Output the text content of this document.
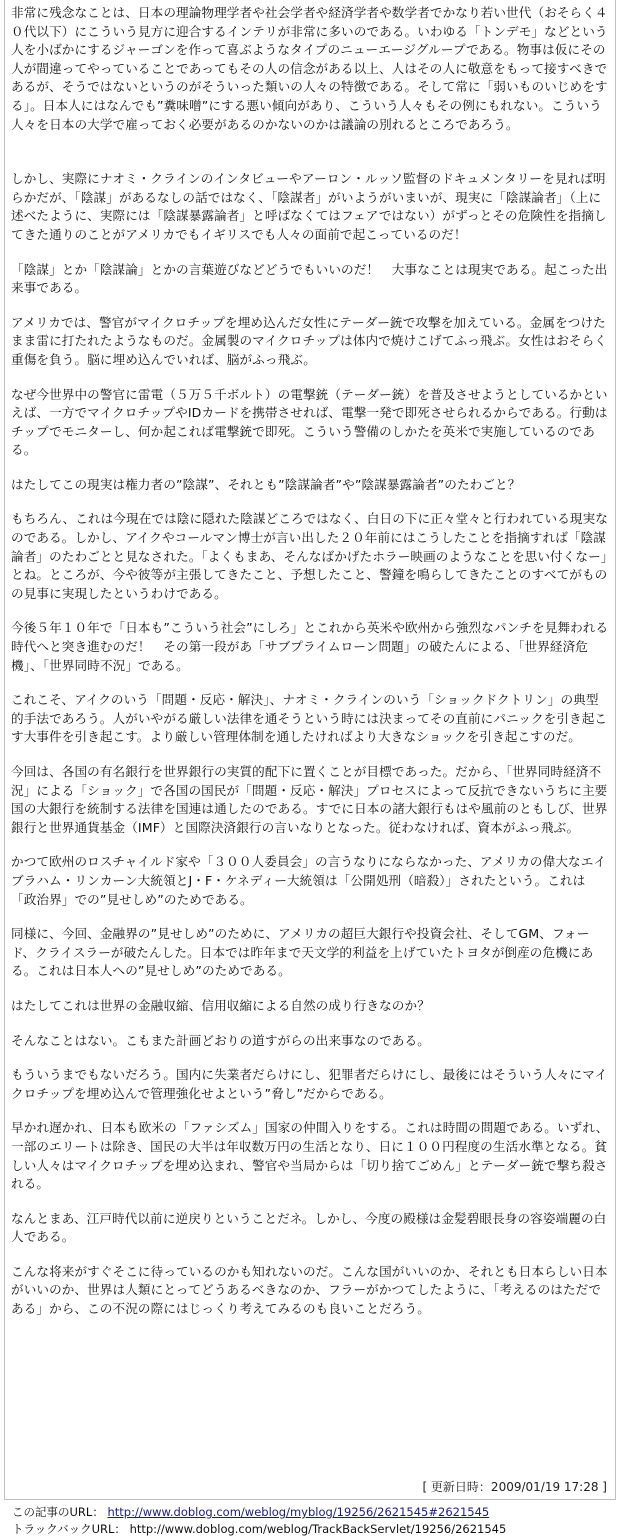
非常に残念なことは、日本の理論物理学者や社会学者や経済学者や数学者でかなり若い世代（おそらく４０代以下）にこういう見方に迎合するインテリが非常に多いのである。いわゆる「トンデモ」などという人を小ばかにするジャーゴンを作って喜ぶようなタイプのニューエージグループである。物事は仮にその人が間違ってやっていることであってもその人の信念がある以上、人はその人に敬意をもって接すべきであるが、そうではないというのがそういった類いの人々の特徴である。そして常に「弱いものいじめをする」。日本人にはなんでも”糞味噌”にする悪い傾向があり、こういう人々もその例にもれない。こういう人々を日本の大学で雇っておく必要があるのかないのかは議論の別れるところであろう。

しかし、実際にナオミ・クラインのインタビューやアーロン・ルッソ監督のドキュメンタリーを見れば明らかだが、「陰謀」があるなしの話ではなく、「陰謀者」がいようがいまいが、現実に「陰謀論者」（上に述べたように、実際には「陰謀暴露論者」と呼ばなくてはフェアではない）がずっとその危険性を指摘してきた通りのことがアメリカでもイギリスでも人々の面前で起こっているのだ！

「陰謀」とか「陰謀論」とかの言葉遊びなどどうでもいいのだ！　大事なことは現実である。起こった出来事である。

アメリカでは、警官がマイクロチップを埋め込んだ女性にテーダー銃で攻撃を加えている。金属をつけたまま雷に打たれたようなものだ。金属製のマイクロチップは体内で焼けこげてふっ飛ぶ。女性はおそらく重傷を負う。脳に埋め込んでいれば、脳がふっ飛ぶ。

なぜ今世界中の警官に雷電（５万５千ボルト）の電撃銃（テーダー銃）を普及させようとしているかといえば、一方でマイクロチップやIDカードを携帯させれば、電撃一発で即死させられるからである。行動はチップでモニターし、何か起これば電撃銃で即死。こういう警備のしかたを英米で実施しているのである。

はたしてこの現実は権力者の”陰謀”、それとも”陰謀論者”や”陰謀暴露論者”のたわごと？

もちろん、これは今現在では陰に隠れた陰謀どころではなく、白日の下に正々堂々と行われている現実なのである。しかし、アイクやコールマン博士が言い出した２０年前にはこうしたことを指摘すれば「陰謀論者」のたわごとと見なされた。「よくもまあ、そんなばかげたホラー映画のようなことを思い付くなー」とね。ところが、今や彼等が主張してきたこと、予想したこと、警鐘を鳴らしてきたことのすべてがものの見事に実現したというわけである。

今後５年１０年で「日本も”こういう社会”にしろ」とこれから英米や欧州から強烈なパンチを見舞われる時代へと突き進むのだ！　その第一段があ「サブプライムローン問題」の破たんによる、「世界経済危機」、「世界同時不況」である。

これこそ、アイクのいう「問題・反応・解決」、ナオミ・クラインのいう「ショックドクトリン」の典型的手法であろう。人がいやがる厳しい法律を通そうという時には決まってその直前にパニックを引き起こす大事件を引き起こす。より厳しい管理体制を通したければより大きなショックを引き起こすのだ。

今回は、各国の有名銀行を世界銀行の実質的配下に置くことが目標であった。だから、「世界同時経済不況」による「ショック」で各国の国民が「問題・反応・解決」プロセスによって反抗できないうちに主要国の大銀行を統制する法律を国連は通したのである。すでに日本の諸大銀行もはや風前のともしび、世界銀行と世界通貨基金（IMF）と国際決済銀行の言いなりとなった。従わなければ、資本がふっ飛ぶ。

かつて欧州のロスチャイルド家や「３００人委員会」の言うなりにならなかった、アメリカの偉大なエイブラハム・リンカーン大統領とJ・F・ケネディー大統領は「公開処刑（暗殺）」されたという。これは「政治界」での”見せしめ”のためである。

同様に、今回、金融界の”見せしめ”のために、アメリカの超巨大銀行や投資会社、そしてGM、フォード、クライスラーが破たんした。日本では昨年まで天文学的利益を上げていたトヨタが倒産の危機にある。これは日本人への”見せしめ”のためである。

はたしてこれは世界の金融収縮、信用収縮による自然の成り行きなのか？

そんなことはない。こもまた計画どおりの道すがらの出来事なのである。

もういうまでもないだろう。国内に失業者だらけにし、犯罪者だらけにし、最後にはそういう人々にマイクロチップを埋め込んで管理強化せよという”脅し”だからである。

早かれ遅かれ、日本も欧米の「ファシズム」国家の仲間入りをする。これは時間の問題である。いずれ、一部のエリートは除き、国民の大半は年収数万円の生活となり、日に１００円程度の生活水準となる。貧しい人々はマイクロチップを埋め込まれ、警官や当局からは「切り捨てごめん」とテーダー銃で撃ち殺される。

なんとまあ、江戸時代以前に逆戻りということだネ。しかし、今度の殿様は金髪碧眼長身の容姿端麗の白人である。

こんな将来がすぐそこに待っているのかも知れないのだ。こんな国がいいのか、それとも日本らしい日本がいいのか、世界は人類にとってどうあるべきなのか、フラーがかつてしたように、「考えるのはただである」から、この不況の際にはじっくり考えてみるのも良いことだろう。

[ 更新日時：2009/01/19 17:28 ]
この記事のURL： http://www.doblog.com/weblog/myblog/19256/2621545#2621545
トラックバックURL： http://www.doblog.com/weblog/TrackBackServlet/19256/2621545
